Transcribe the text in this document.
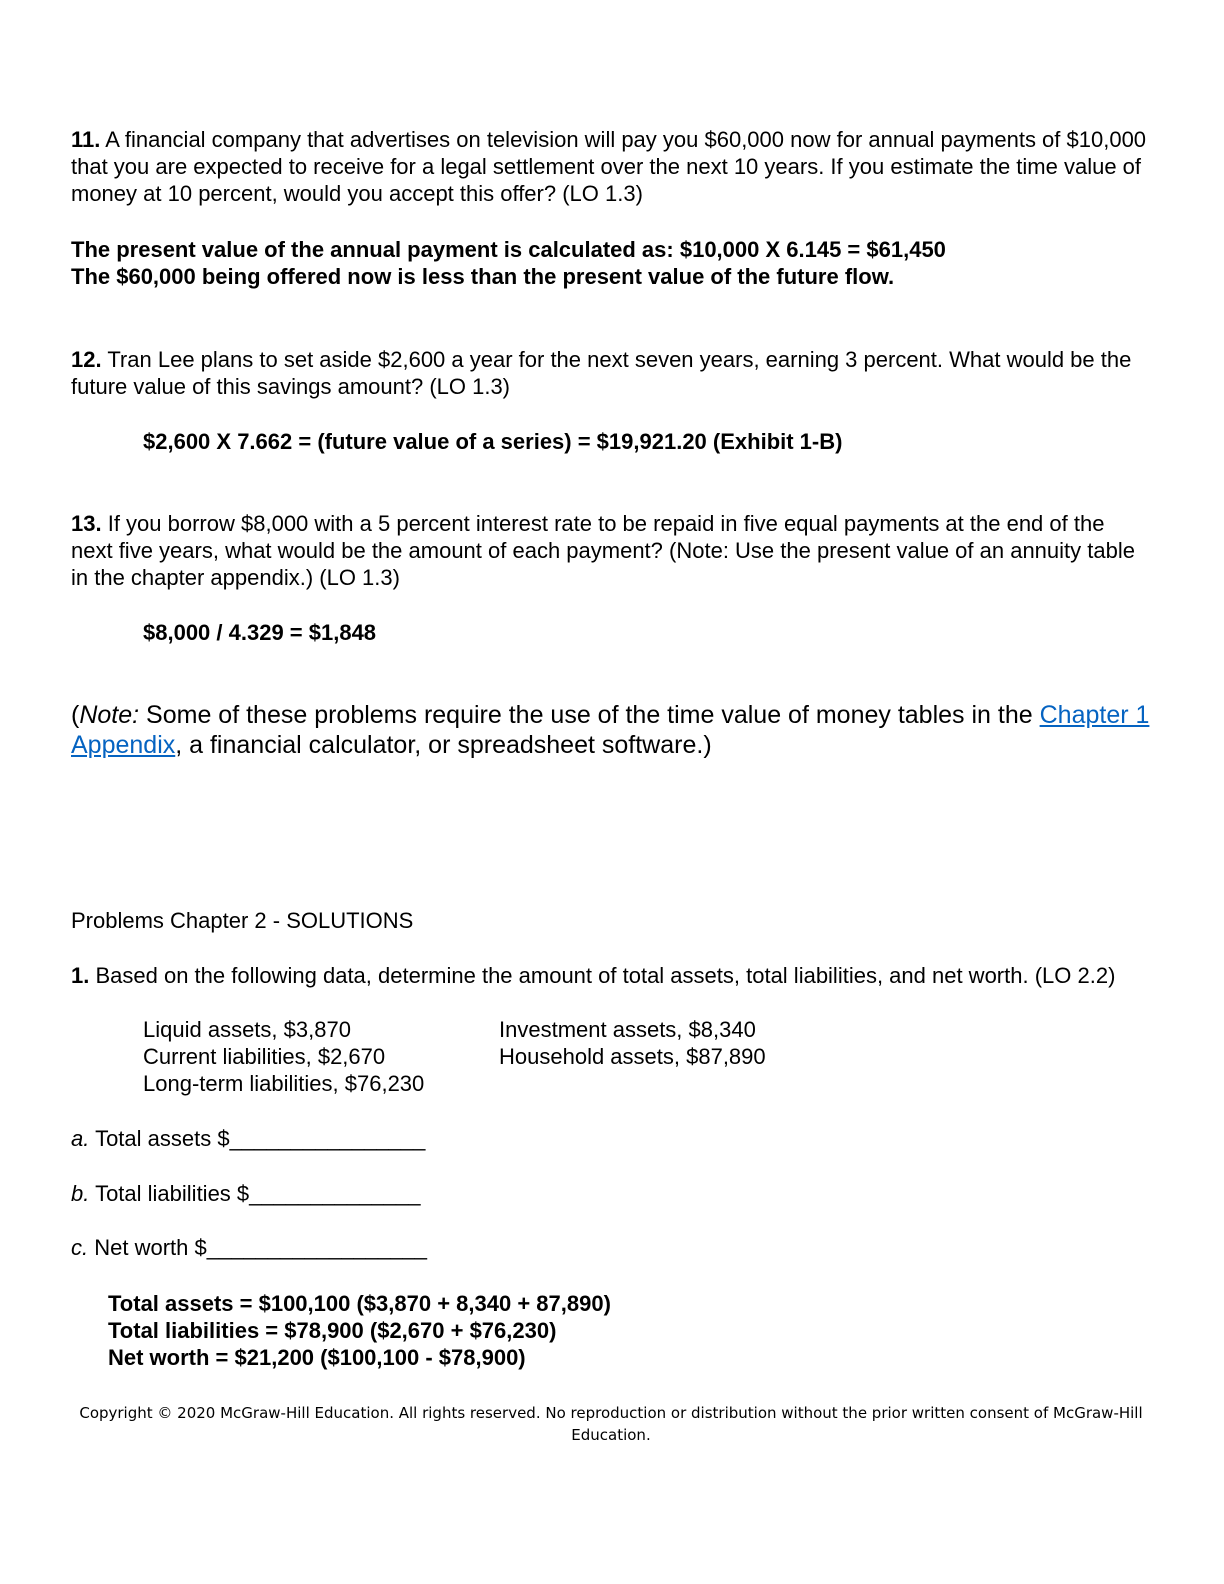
11. A financial company that advertises on television will pay you $60,000 now for annual payments of $10,000 that you are expected to receive for a legal settlement over the next 10 years. If you estimate the time value of money at 10 percent, would you accept this offer? (LO 1.3)
The present value of the annual payment is calculated as: $10,000 X 6.145 = $61,450
The $60,000 being offered now is less than the present value of the future flow.
12. Tran Lee plans to set aside $2,600 a year for the next seven years, earning 3 percent. What would be the future value of this savings amount? (LO 1.3)
$2,600 X 7.662 = (future value of a series) = $19,921.20 (Exhibit 1-B)
13. If you borrow $8,000 with a 5 percent interest rate to be repaid in five equal payments at the end of the next five years, what would be the amount of each payment? (Note: Use the present value of an annuity table in the chapter appendix.) (LO 1.3)
$8,000 / 4.329 = $1,848
(Note: Some of these problems require the use of the time value of money tables in the Chapter 1 Appendix, a financial calculator, or spreadsheet software.)
Problems Chapter 2 - SOLUTIONS
1. Based on the following data, determine the amount of total assets, total liabilities, and net worth. (LO 2.2)
Liquid assets, $3,870	Investment assets, $8,340
Current liabilities, $2,670	Household assets, $87,890
Long-term liabilities, $76,230
a. Total assets $________________
b. Total liabilities $______________
c. Net worth $__________________
Total assets = $100,100 ($3,870 + 8,340 + 87,890)
Total liabilities = $78,900 ($2,670 + $76,230)
Net worth = $21,200 ($100,100 - $78,900)
Copyright © 2020 McGraw-Hill Education. All rights reserved. No reproduction or distribution without the prior written consent of McGraw-Hill
Education.
